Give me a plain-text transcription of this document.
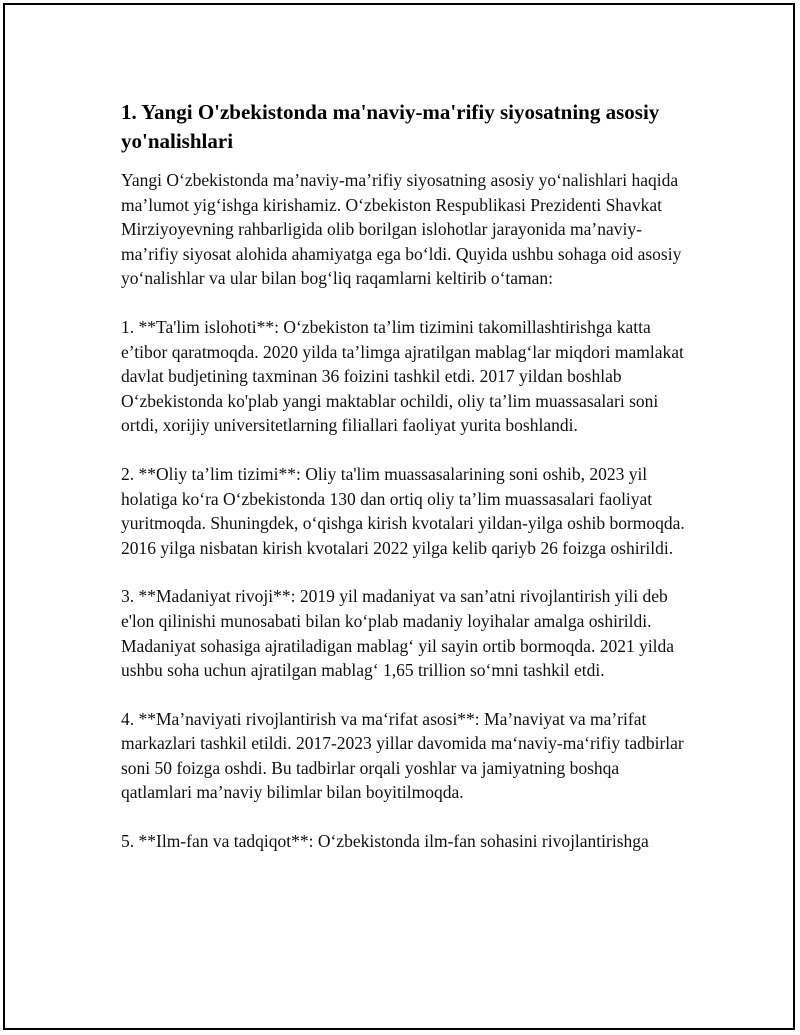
1. Yangi O'zbekistonda ma'naviy-ma'rifiy siyosatning asosiy yo'nalishlari

Yangi O‘zbekistonda ma’naviy-ma’rifiy siyosatning asosiy yo‘nalishlari haqida ma’lumot yig‘ishga kirishamiz. O‘zbekiston Respublikasi Prezidenti Shavkat Mirziyoyevning rahbarligida olib borilgan islohotlar jarayonida ma’naviy-ma’rifiy siyosat alohida ahamiyatga ega bo‘ldi. Quyida ushbu sohaga oid asosiy yo‘nalishlar va ular bilan bog‘liq raqamlarni keltirib o‘taman:

1. **Ta'lim islohoti**: O‘zbekiston ta’lim tizimini takomillashtirishga katta e’tibor qaratmoqda. 2020 yilda ta’limga ajratilgan mablag‘lar miqdori mamlakat davlat budjetining taxminan 36 foizini tashkil etdi. 2017 yildan boshlab O‘zbekistonda ko'plab yangi maktablar ochildi, oliy ta’lim muassasalari soni ortdi, xorijiy universitetlarning filiallari faoliyat yurita boshlandi.

2. **Oliy ta’lim tizimi**: Oliy ta'lim muassasalarining soni oshib, 2023 yil holatiga ko‘ra O‘zbekistonda 130 dan ortiq oliy ta’lim muassasalari faoliyat yuritmoqda. Shuningdek, o‘qishga kirish kvotalari yildan-yilga oshib bormoqda. 2016 yilga nisbatan kirish kvotalari 2022 yilga kelib qariyb 26 foizga oshirildi.

3. **Madaniyat rivoji**: 2019 yil madaniyat va san’atni rivojlantirish yili deb e'lon qilinishi munosabati bilan ko‘plab madaniy loyihalar amalga oshirildi. Madaniyat sohasiga ajratiladigan mablag‘ yil sayin ortib bormoqda. 2021 yilda ushbu soha uchun ajratilgan mablag‘ 1,65 trillion so‘mni tashkil etdi.

4. **Ma’naviyati rivojlantirish va ma‘rifat asosi**: Ma’naviyat va ma’rifat markazlari tashkil etildi. 2017-2023 yillar davomida ma‘naviy-ma‘rifiy tadbirlar soni 50 foizga oshdi. Bu tadbirlar orqali yoshlar va jamiyatning boshqa qatlamlari ma’naviy bilimlar bilan boyitilmoqda.

5. **Ilm-fan va tadqiqot**: O‘zbekistonda ilm-fan sohasini rivojlantirishga
